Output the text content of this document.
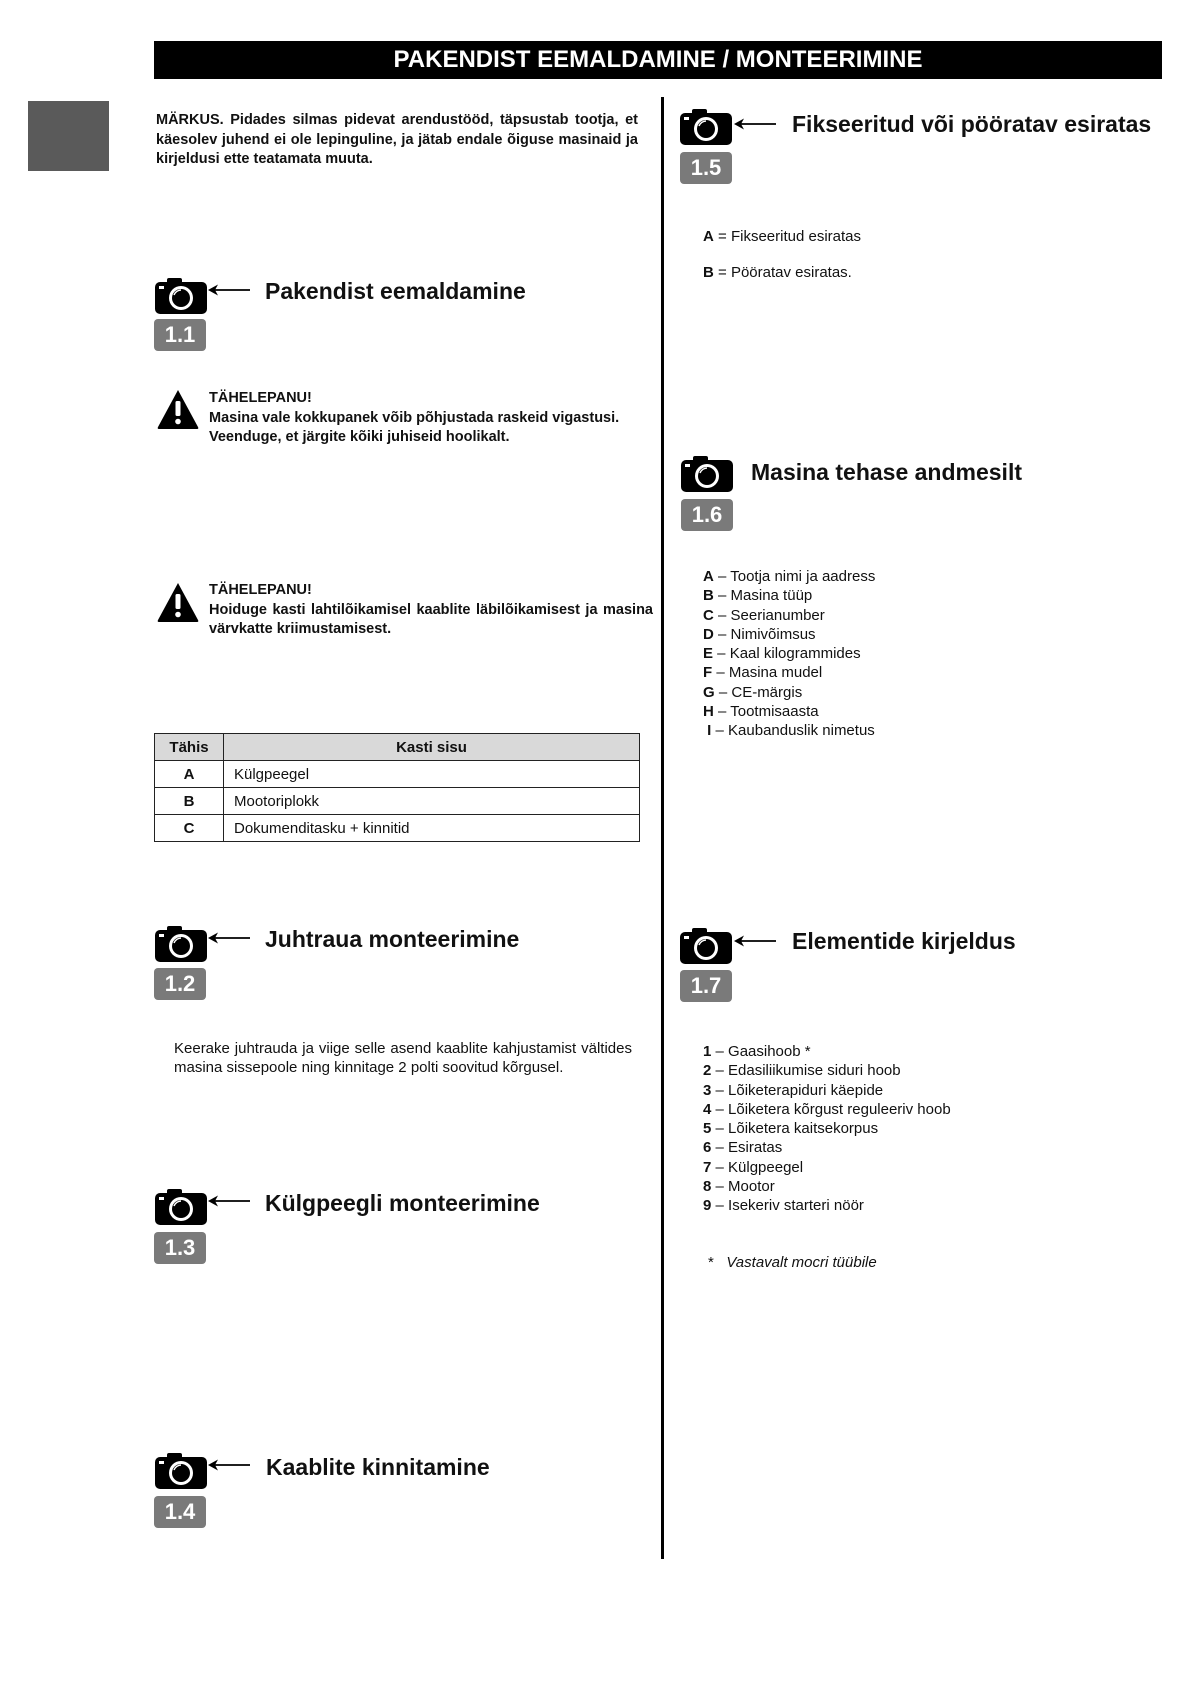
PAKENDIST EEMALDAMINE / MONTEERIMINE
MÄRKUS. Pidades silmas pidevat arendustööd, täpsustab tootja, et käesolev juhend ei ole lepinguline, ja jätab endale õiguse masinaid ja kirjeldusi ette teatamata muuta.
Pakendist eemaldamine
1.1
TÄHELEPANU!
Masina vale kokkupanek võib põhjustada raskeid vigastusi.
Veenduge, et järgite kõiki juhiseid hoolikalt.
TÄHELEPANU!
Hoiduge kasti lahtilõikamisel kaablite läbilõikamisest ja masina värvkatte kriimustamisest.
Tähis	Kasti sisu
A	Külgpeegel
B	Mootoriplokk
C	Dokumenditasku + kinnitid
Juhtraua monteerimine
1.2
Keerake juhtrauda ja viige selle asend kaablite kahjustamist vältides masina sissepoole ning kinnitage 2 polti soovitud kõrgusel.
Külgpeegli monteerimine
1.3
Kaablite kinnitamine
1.4
Fikseeritud või pööratav esiratas
1.5
A = Fikseeritud esiratas
B = Pööratav esiratas.
Masina tehase andmesilt
1.6
A – Tootja nimi ja aadress
B – Masina tüüp
C – Seerianumber
D – Nimivõimsus
E – Kaal kilogrammides
F – Masina mudel
G – CE-märgis
H – Tootmisaasta
I – Kaubanduslik nimetus
Elementide kirjeldus
1.7
1 – Gaasihoob *
2 – Edasiliikumise siduri hoob
3 – Lõiketerapiduri käepide
4 – Lõiketera kõrgust reguleeriv hoob
5 – Lõiketera kaitsekorpus
6 – Esiratas
7 – Külgpeegel
8 – Mootor
9 – Isekeriv starteri nöör
* Vastavalt mocri tüübile
